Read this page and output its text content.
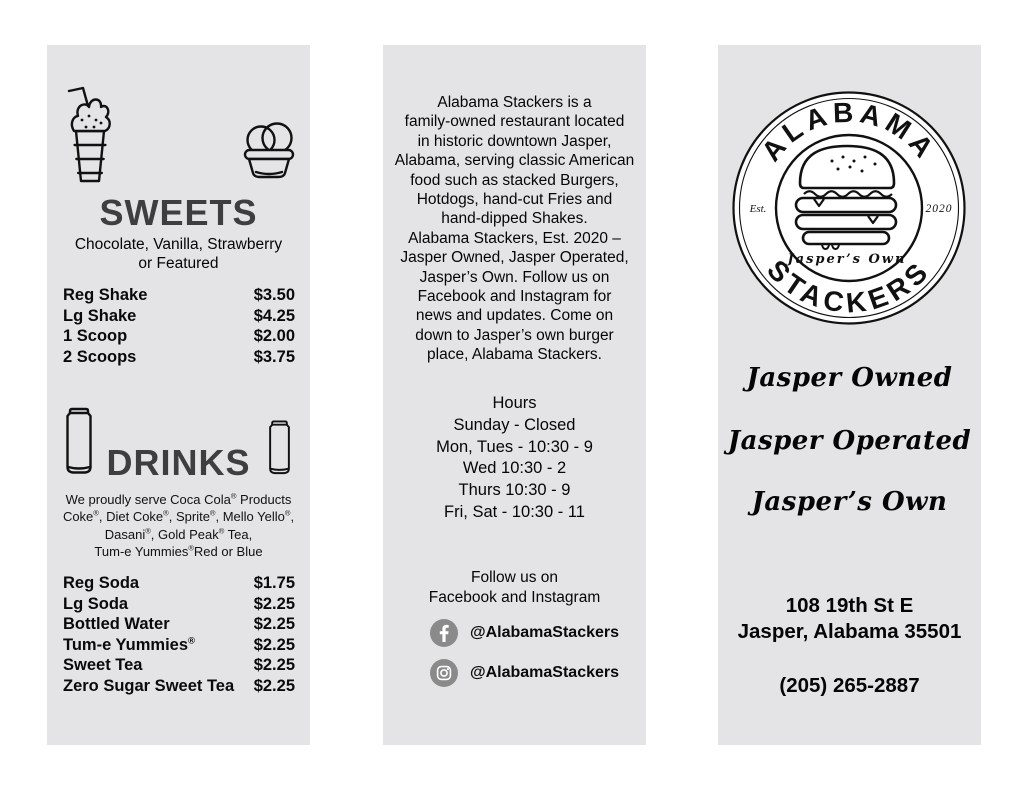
SWEETS
Chocolate, Vanilla, Strawberry
or Featured
Reg Shake	$3.50
Lg Shake	$4.25
1 Scoop	$2.00
2 Scoops	$3.75
DRINKS
We proudly serve Coca Cola® Products
Coke®, Diet Coke®, Sprite®, Mello Yello®,
Dasani®, Gold Peak® Tea,
Tum-e Yummies®Red or Blue
Reg Soda	$1.75
Lg Soda	$2.25
Bottled Water	$2.25
Tum-e Yummies®	$2.25
Sweet Tea	$2.25
Zero Sugar Sweet Tea $2.25
Alabama Stackers is a
family-owned restaurant located
in historic downtown Jasper,
Alabama, serving classic American
food such as stacked Burgers,
Hotdogs, hand-cut Fries and
hand-dipped Shakes.
Alabama Stackers, Est. 2020 –
Jasper Owned, Jasper Operated,
Jasper’s Own. Follow us on
Facebook and Instagram for
news and updates. Come on
down to Jasper’s own burger
place, Alabama Stackers.
Hours
Sunday - Closed
Mon, Tues - 10:30 - 9
Wed 10:30 - 2
Thurs 10:30 - 9
Fri, Sat - 10:30 - 11
Follow us on
Facebook and Instagram
@AlabamaStackers
@AlabamaStackers
ALABAMA
STACKERS
Est.	2020
Jasper’s Own
Jasper Owned
Jasper Operated
Jasper’s Own
108 19th St E
Jasper, Alabama 35501
(205) 265-2887
